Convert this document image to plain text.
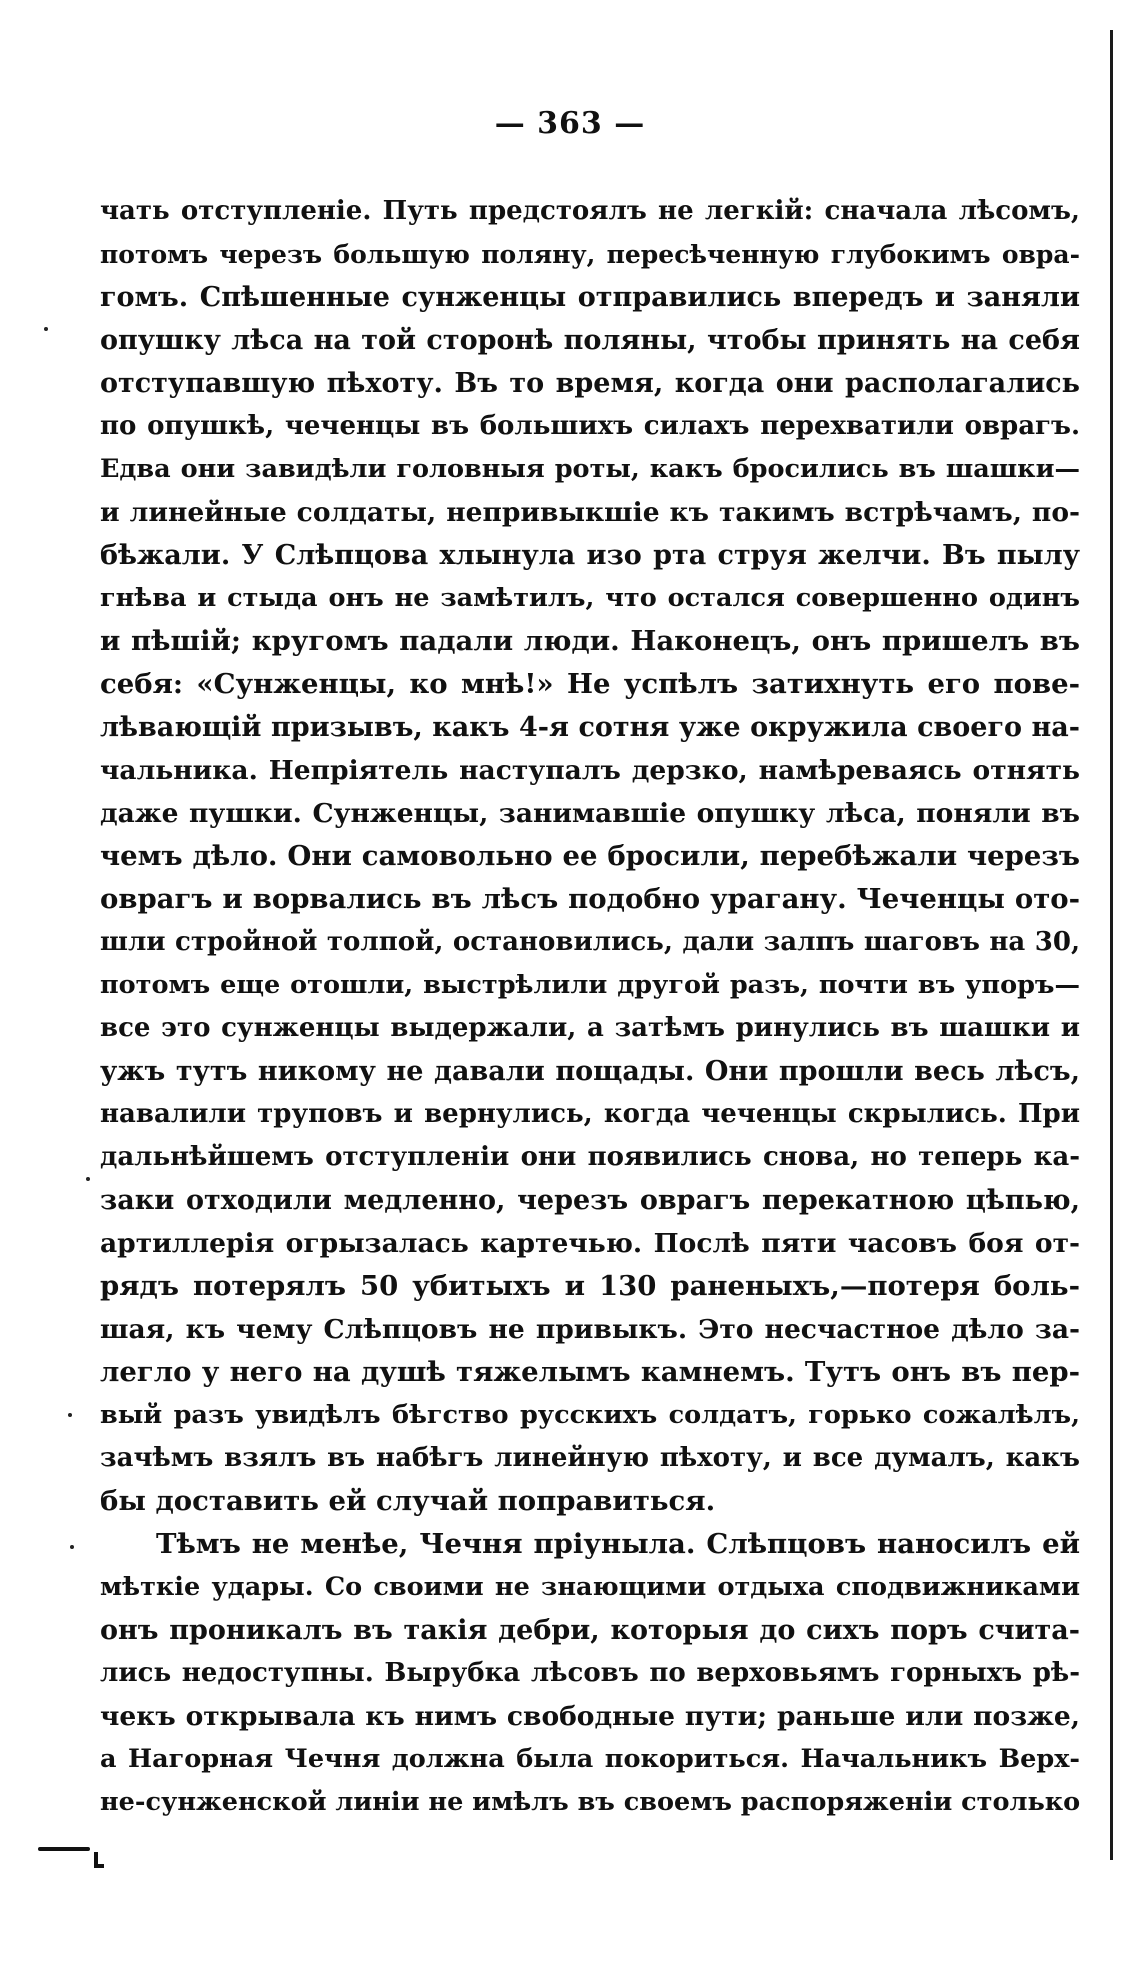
— 363 —
чать отступленіе. Путь предстоялъ не легкій: сначала лѣсомъ,
потомъ черезъ большую поляну, пересѣченную глубокимъ овра-
гомъ. Спѣшенные сунженцы отправились впередъ и заняли
опушку лѣса на той сторонѣ поляны, чтобы принять на себя
отступавшую пѣхоту. Въ то время, когда они располагались
по опушкѣ, чеченцы въ большихъ силахъ перехватили оврагъ.
Едва они завидѣли головныя роты, какъ бросились въ шашки—
и линейные солдаты, непривыкшіе къ такимъ встрѣчамъ, по-
бѣжали. У Слѣпцова хлынула изо рта струя желчи. Въ пылу
гнѣва и стыда онъ не замѣтилъ, что остался совершенно одинъ
и пѣшій; кругомъ падали люди. Наконецъ, онъ пришелъ въ
себя: «Сунженцы, ко мнѣ!» Не успѣлъ затихнуть его повe-
лѣвающій призывъ, какъ 4-я сотня уже окружила своего на-
чальника. Непріятель наступалъ дерзко, намѣреваясь отнять
даже пушки. Сунженцы, занимавшіе опушку лѣса, поняли въ
чемъ дѣло. Они самовольно ее бросили, перебѣжали черезъ
оврагъ и ворвались въ лѣсъ подобно урагану. Чеченцы ото-
шли стройной толпой, остановились, дали залпъ шаговъ на 30,
потомъ еще отошли, выстрѣлили другой разъ, почти въ упоръ—
все это сунженцы выдержали, а затѣмъ ринулись въ шашки и
ужъ тутъ никому не давали пощады. Они прошли весь лѣсъ,
навалили труповъ и вернулись, когда чеченцы скрылись. При
дальнѣйшемъ отступленіи они появились снова, но теперь ка-
заки отходили медленно, черезъ оврагъ перекатною цѣпью,
артиллерія огрызалась картечью. Послѣ пяти часовъ боя от-
рядъ потерялъ 50 убитыхъ и 130 раненыхъ,—потеря боль-
шая, къ чему Слѣпцовъ не привыкъ. Это несчастное дѣло за-
легло у него на душѣ тяжелымъ камнемъ. Тутъ онъ въ пер-
вый разъ увидѣлъ бѣгство русскихъ солдатъ, горько сожалѣлъ,
зачѣмъ взялъ въ набѣгъ линейную пѣхоту, и все думалъ, какъ
бы доставить ей случай поправиться.
Тѣмъ не менѣе, Чечня пріуныла. Слѣпцовъ наносилъ ей
мѣткіе удары. Со своими не знающими отдыха сподвижниками
онъ проникалъ въ такія дебри, которыя до сихъ поръ счита-
лись недоступны. Вырубка лѣсовъ по верховьямъ горныхъ рѣ-
чекъ открывала къ нимъ свободные пути; раньше или позже,
а Нагорная Чечня должна была покориться. Начальникъ Верх-
не-сунженской линіи не имѣлъ въ своемъ распоряженіи столько
